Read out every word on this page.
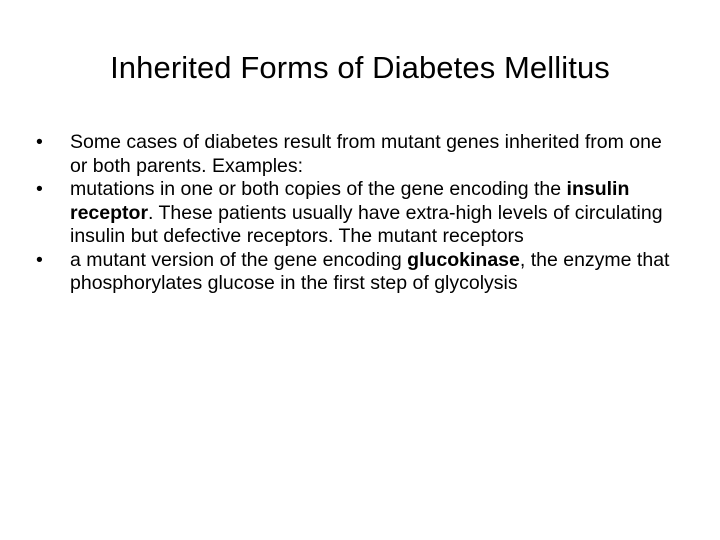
Inherited Forms of Diabetes Mellitus
•	Some cases of diabetes result from mutant genes inherited from one or both parents. Examples:
•	mutations in one or both copies of the gene encoding the insulin receptor. These patients usually have extra-high levels of circulating insulin but defective receptors. The mutant receptors
•	a mutant version of the gene encoding glucokinase, the enzyme that phosphorylates glucose in the first step of glycolysis
